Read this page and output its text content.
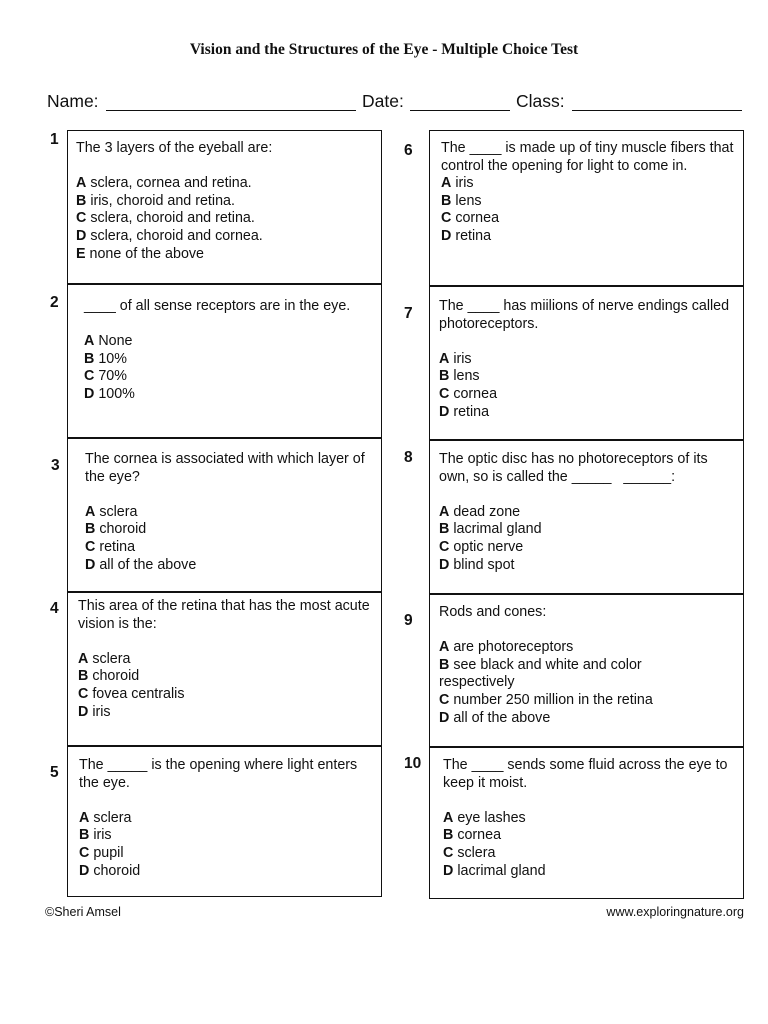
Vision and the Structures of the Eye - Multiple Choice Test
Name:	Date:	Class:
1 The 3 layers of the eyeball are:

A sclera, cornea and retina.
B iris, choroid and retina.
C sclera, choroid and retina.
D sclera, choroid and cornea.
E none of the above
2 ____ of all sense receptors are in the eye.

A None
B 10%
C 70%
D 100%
3 The cornea is associated with which layer of the eye?

A sclera
B choroid
C retina
D all of the above
4 This area of the retina that has the most acute vision is the:

A sclera
B choroid
C fovea centralis
D iris
5 The _____ is the opening where light enters the eye.

A sclera
B iris
C pupil
D choroid
6 The ____ is made up of tiny muscle fibers that control the opening for light to come in.

A iris
B lens
C cornea
D retina
7 The ____ has miilions of nerve endings called photoreceptors.

A iris
B lens
C cornea
D retina
8 The optic disc has no photoreceptors of its own, so is called the _____   ______:

A dead zone
B lacrimal gland
C optic nerve
D blind spot
9 Rods and cones:

A are photoreceptors
B see black and white and color respectively
C number 250 million in the retina
D all of the above
10 The ____ sends some fluid across the eye to keep it moist.

A eye lashes
B cornea
C sclera
D lacrimal gland
©Sheri Amsel	www.exploringnature.org
